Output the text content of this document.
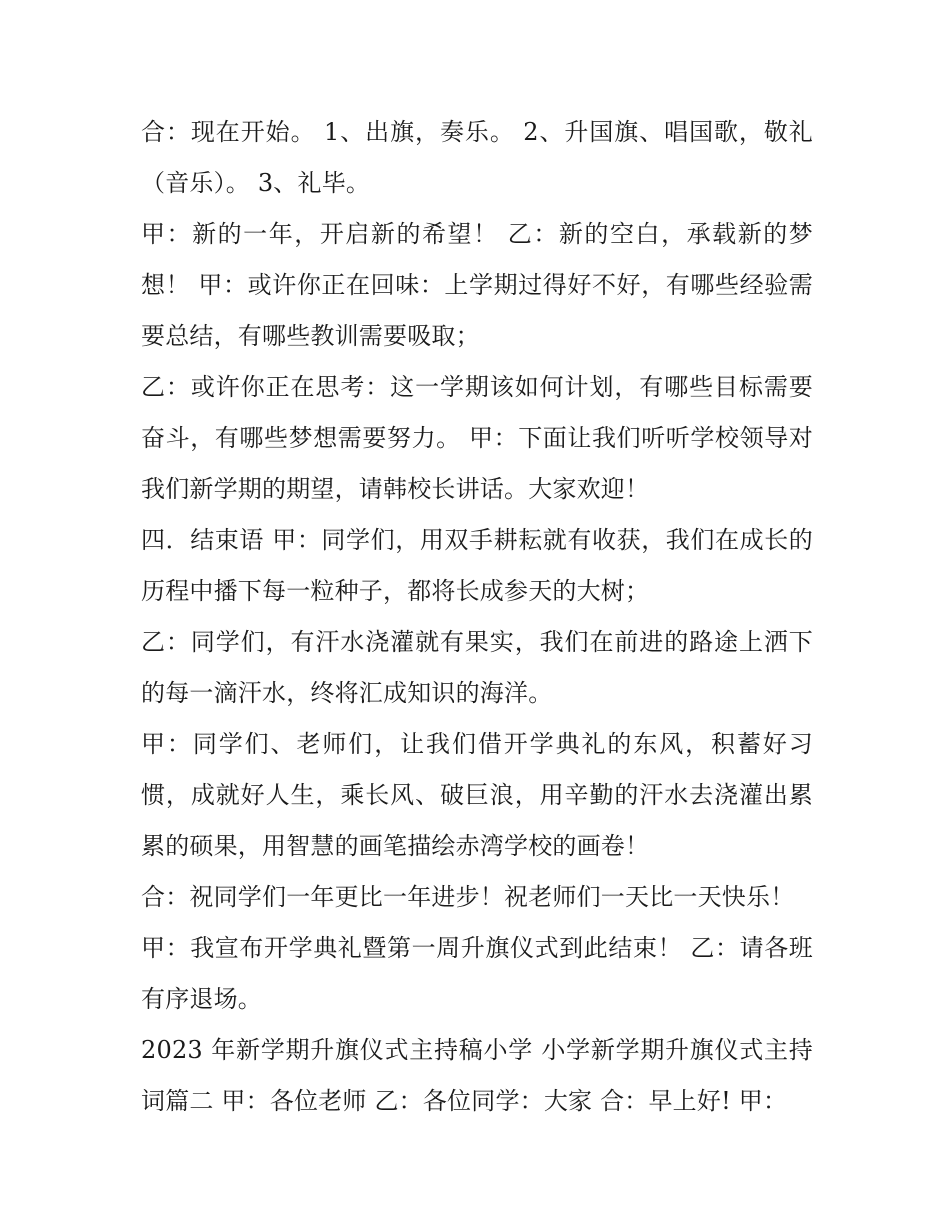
合：现在开始。 1、出旗，奏乐。 2、升国旗、唱国歌，敬礼（音乐）。 3、礼毕。

甲：新的一年，开启新的希望！ 乙：新的空白，承载新的梦想！ 甲：或许你正在回味：上学期过得好不好，有哪些经验需要总结，有哪些教训需要吸取；

乙：或许你正在思考：这一学期该如何计划，有哪些目标需要奋斗，有哪些梦想需要努力。 甲：下面让我们听听学校领导对我们新学期的期望，请韩校长讲话。大家欢迎！

四．结束语 甲：同学们，用双手耕耘就有收获，我们在成长的历程中播下每一粒种子，都将长成参天的大树；

乙：同学们，有汗水浇灌就有果实，我们在前进的路途上洒下的每一滴汗水，终将汇成知识的海洋。

甲：同学们、老师们，让我们借开学典礼的东风，积蓄好习惯，成就好人生，乘长风、破巨浪，用辛勤的汗水去浇灌出累累的硕果，用智慧的画笔描绘赤湾学校的画卷！

合：祝同学们一年更比一年进步！祝老师们一天比一天快乐！

甲：我宣布开学典礼暨第一周升旗仪式到此结束！ 乙：请各班有序退场。

2023 年新学期升旗仪式主持稿小学 小学新学期升旗仪式主持词篇二 甲：各位老师 乙：各位同学：大家 合：早上好! 甲：
